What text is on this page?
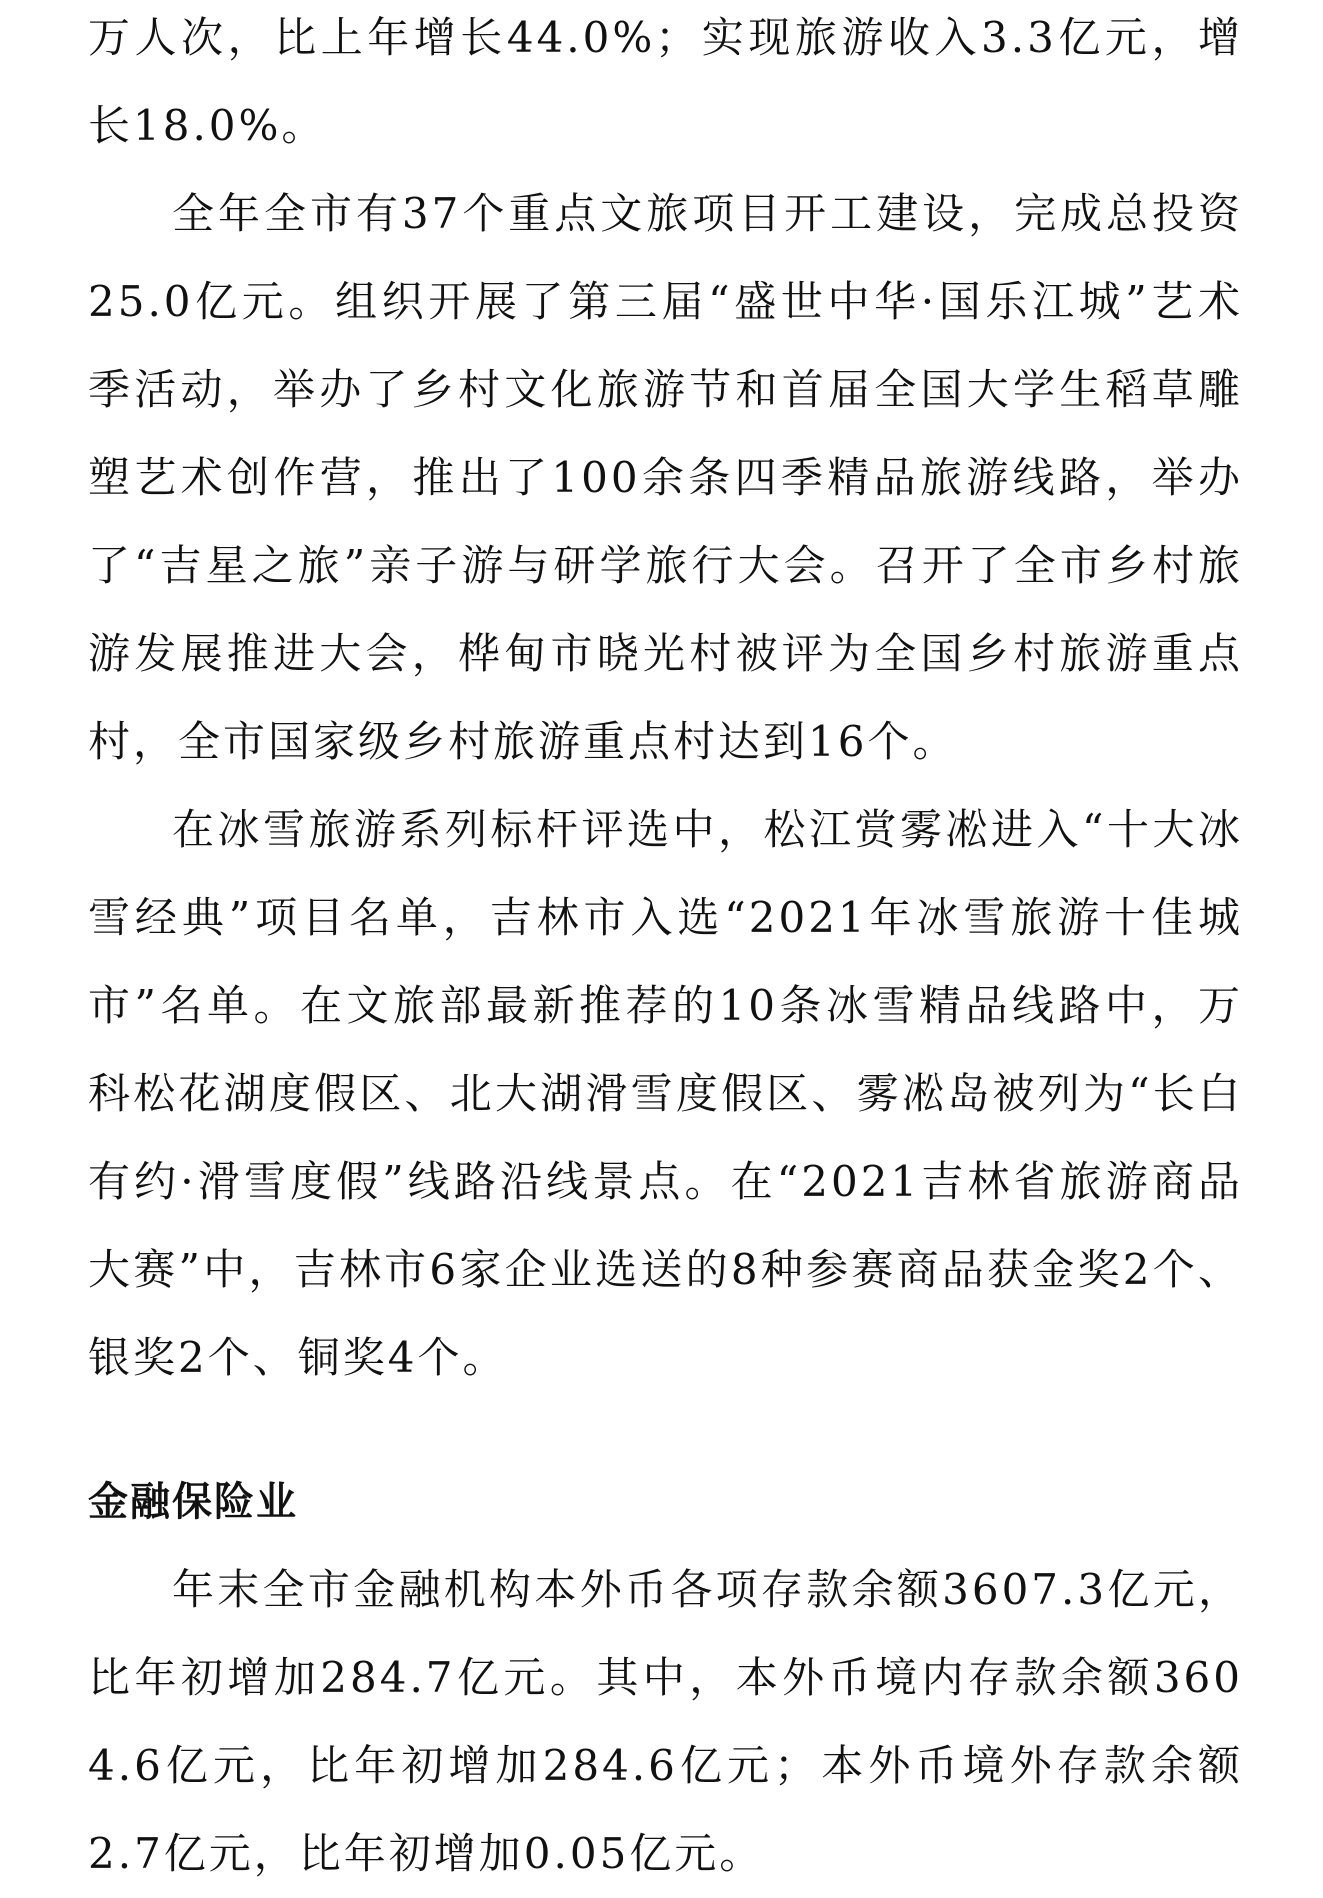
万人次，比上年增长44.0%；实现旅游收入3.3亿元，增长18.0%。

全年全市有37个重点文旅项目开工建设，完成总投资25.0亿元。组织开展了第三届“盛世中华·国乐江城”艺术季活动，举办了乡村文化旅游节和首届全国大学生稻草雕塑艺术创作营，推出了100余条四季精品旅游线路，举办了“吉星之旅”亲子游与研学旅行大会。召开了全市乡村旅游发展推进大会，桦甸市晓光村被评为全国乡村旅游重点村，全市国家级乡村旅游重点村达到16个。

在冰雪旅游系列标杆评选中，松江赏雾凇进入“十大冰雪经典”项目名单，吉林市入选“2021年冰雪旅游十佳城市”名单。在文旅部最新推荐的10条冰雪精品线路中，万科松花湖度假区、北大湖滑雪度假区、雾凇岛被列为“长白有约·滑雪度假”线路沿线景点。在“2021吉林省旅游商品大赛”中，吉林市6家企业选送的8种参赛商品获金奖2个、银奖2个、铜奖4个。

金融保险业

年末全市金融机构本外币各项存款余额3607.3亿元，比年初增加284.7亿元。其中，本外币境内存款余额3604.6亿元，比年初增加284.6亿元；本外币境外存款余额2.7亿元，比年初增加0.05亿元。
